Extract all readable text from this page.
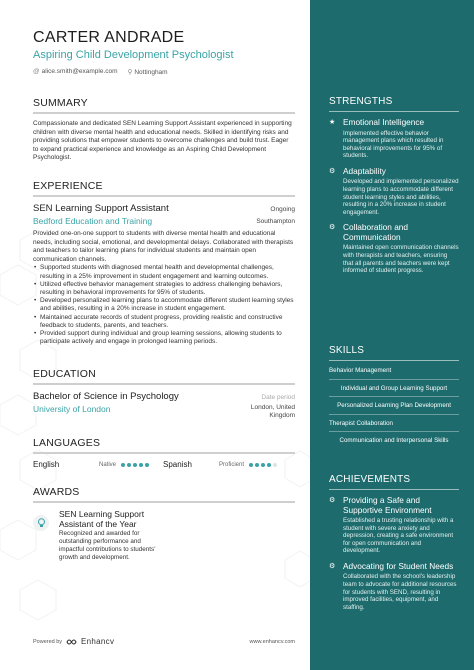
CARTER ANDRADE
Aspiring Child Development Psychologist
@ alice.smith@example.com ⚲ Nottingham
SUMMARY
Compassionate and dedicated SEN Learning Support Assistant experienced in supporting children with diverse mental health and educational needs. Skilled in identifying risks and providing solutions that empower students to overcome challenges and build trust. Eager to expand practical experience and knowledge as an Aspiring Child Development Psychologist.
EXPERIENCE
SEN Learning Support Assistant	Ongoing
Bedford Education and Training	Southampton
Provided one-on-one support to students with diverse mental health and educational needs, including social, emotional, and developmental delays. Collaborated with therapists and teachers to tailor learning plans for individual students and maintain open communication channels.
• Supported students with diagnosed mental health and developmental challenges, resulting in a 25% improvement in student engagement and learning outcomes.
• Utilized effective behavior management strategies to address challenging behaviors, resulting in behavioral improvements for 95% of students.
• Developed personalized learning plans to accommodate different student learning styles and abilities, resulting in a 20% increase in student engagement.
• Maintained accurate records of student progress, providing realistic and constructive feedback to students, parents, and teachers.
• Provided support during individual and group learning sessions, allowing students to participate actively and engage in prolonged learning periods.
EDUCATION
Bachelor of Science in Psychology	Date period
University of London	London, United Kingdom
LANGUAGES
English	Native	Spanish	Proficient
AWARDS
SEN Learning Support Assistant of the Year
Recognized and awarded for outstanding performance and impactful contributions to students' growth and development.
Powered by Enhancv	www.enhancv.com
STRENGTHS
★ Emotional Intelligence
Implemented effective behavior management plans which resulted in behavioral improvements for 95% of students.
⚙ Adaptability
Developed and implemented personalized learning plans to accommodate different student learning styles and abilities, resulting in a 20% increase in student engagement.
⚙ Collaboration and Communication
Maintained open communication channels with therapists and teachers, ensuring that all parents and teachers were kept informed of student progress.
SKILLS
Behavior Management
Individual and Group Learning Support
Personalized Learning Plan Development
Therapist Collaboration
Communication and Interpersonal Skills
ACHIEVEMENTS
⚙ Providing a Safe and Supportive Environment
Established a trusting relationship with a student with severe anxiety and depression, creating a safe environment for open communication and development.
⚙ Advocating for Student Needs
Collaborated with the school's leadership team to advocate for additional resources for students with SEND, resulting in improved facilities, equipment, and staffing.
